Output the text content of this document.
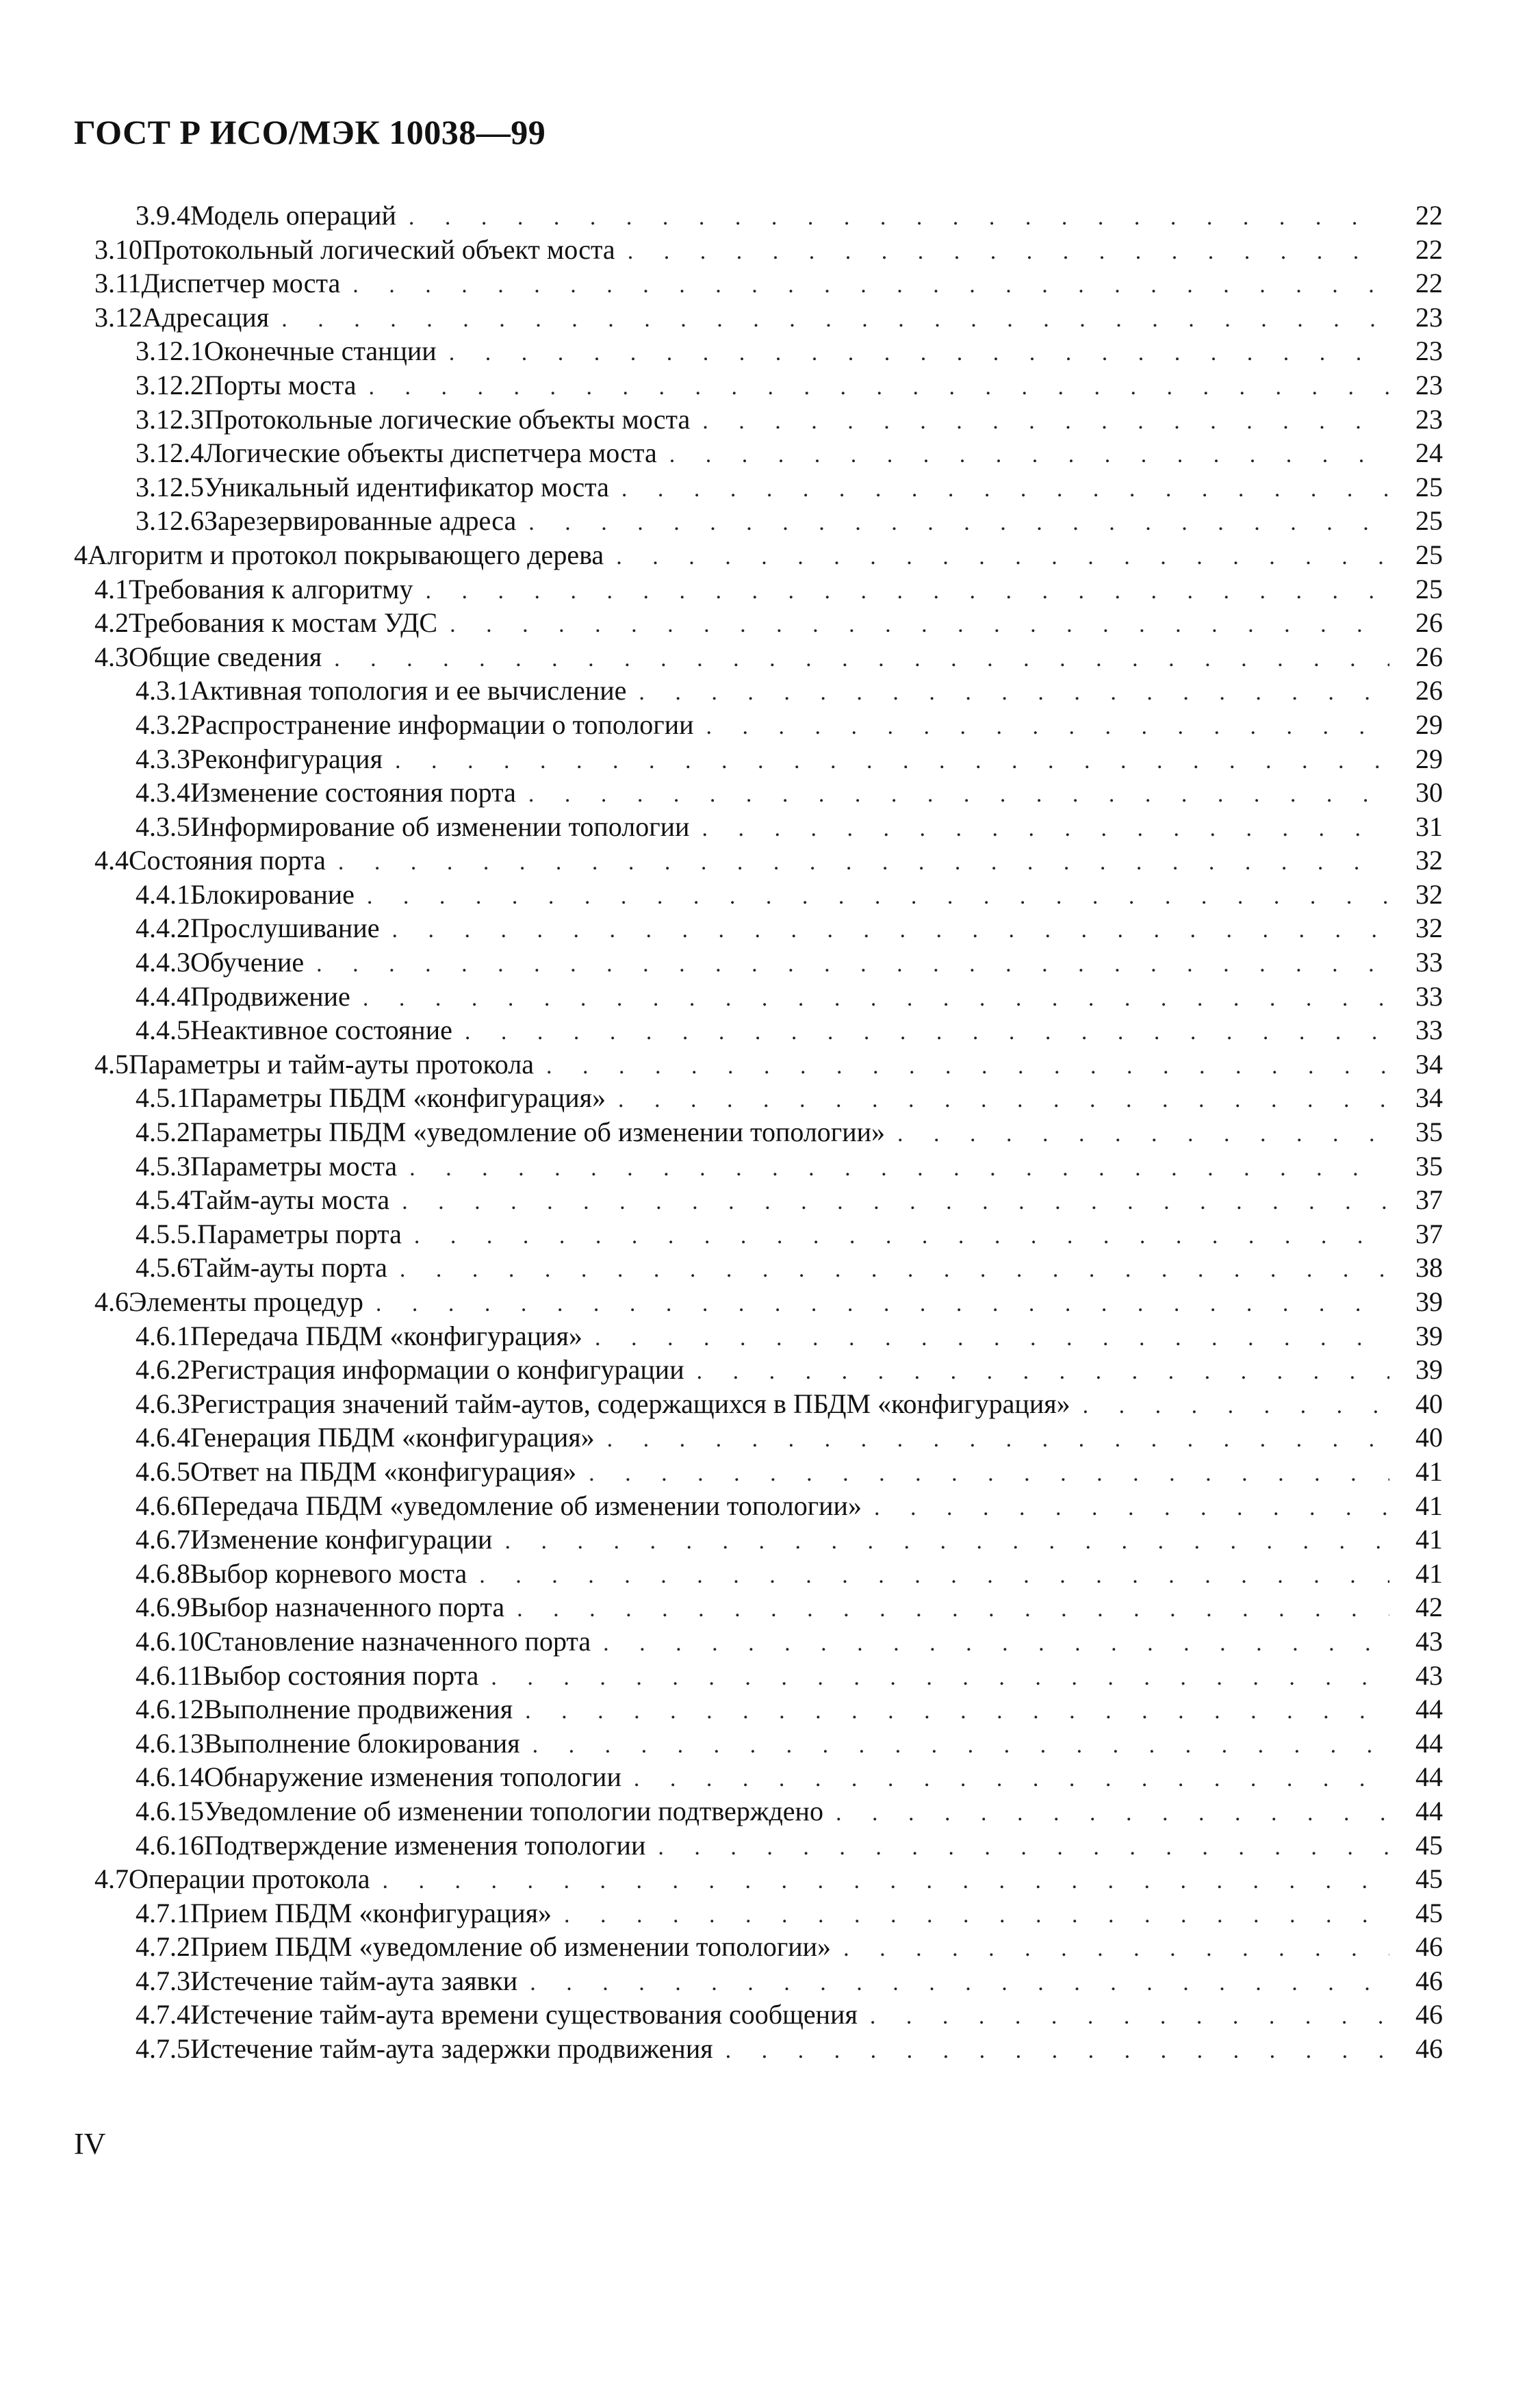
ГОСТ Р ИСО/МЭК 10038—99
3.9.4 Модель операций . . .	22
3.10 Протокольный логический объект моста . . .	22
3.11 Диспетчер моста . . .	22
3.12 Адресация . . .	23
3.12.1 Оконечные станции . . .	23
3.12.2 Порты моста . . .	23
3.12.3 Протокольные логические объекты моста . . .	23
3.12.4 Логические объекты диспетчера моста . . .	24
3.12.5 Уникальный идентификатор моста . . .	25
3.12.6 Зарезервированные адреса . . .	25
4 Алгоритм и протокол покрывающего дерева . . .	25
4.1 Требования к алгоритму . . .	25
4.2 Требования к мостам УДС . . .	26
4.3 Общие сведения . . .	26
4.3.1 Активная топология и ее вычисление . . .	26
4.3.2 Распространение информации о топологии . . .	29
4.3.3 Реконфигурация . . .	29
4.3.4 Изменение состояния порта . . .	30
4.3.5 Информирование об изменении топологии . . .	31
4.4 Состояния порта . . .	32
4.4.1 Блокирование . . .	32
4.4.2 Прослушивание . . .	32
4.4.3 Обучение . . .	33
4.4.4 Продвижение . . .	33
4.4.5 Неактивное состояние . . .	33
4.5 Параметры и тайм-ауты протокола . . .	34
4.5.1 Параметры ПБДМ «конфигурация» . . .	34
4.5.2 Параметры ПБДМ «уведомление об изменении топологии» . . .	35
4.5.3 Параметры моста . . .	35
4.5.4 Тайм-ауты моста . . .	37
4.5.5. Параметры порта . . .	37
4.5.6 Тайм-ауты порта . . .	38
4.6 Элементы процедур . . .	39
4.6.1 Передача ПБДМ «конфигурация» . . .	39
4.6.2 Регистрация информации о конфигурации . . .	39
4.6.3 Регистрация значений тайм-аутов, содержащихся в ПБДМ «конфигурация» . . .	40
4.6.4 Генерация ПБДМ «конфигурация» . . .	40
4.6.5 Ответ на ПБДМ «конфигурация» . . .	41
4.6.6 Передача ПБДМ «уведомление об изменении топологии» . . .	41
4.6.7 Изменение конфигурации . . .	41
4.6.8 Выбор корневого моста . . .	41
4.6.9 Выбор назначенного порта . . .	42
4.6.10 Становление назначенного порта . . .	43
4.6.11 Выбор состояния порта . . .	43
4.6.12 Выполнение продвижения . . .	44
4.6.13 Выполнение блокирования . . .	44
4.6.14 Обнаружение изменения топологии . . .	44
4.6.15 Уведомление об изменении топологии подтверждено . . .	44
4.6.16 Подтверждение изменения топологии . . .	45
4.7 Операции протокола . . .	45
4.7.1 Прием ПБДМ «конфигурация» . . .	45
4.7.2 Прием ПБДМ «уведомление об изменении топологии» . . .	46
4.7.3 Истечение тайм-аута заявки . . .	46
4.7.4 Истечение тайм-аута времени существования сообщения . . .	46
4.7.5 Истечение тайм-аута задержки продвижения . . .	46
IV
